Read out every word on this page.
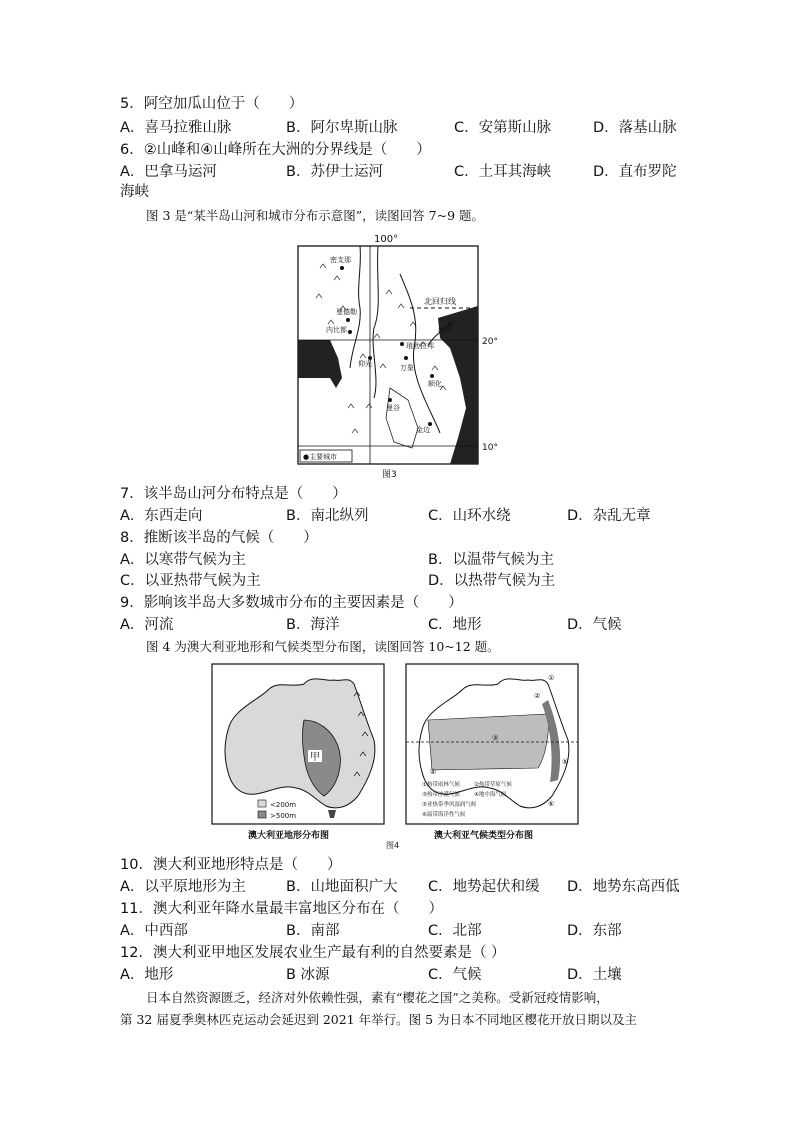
5．阿空加瓜山位于（　　）
A．喜马拉雅山脉	B．阿尔卑斯山脉	C．安第斯山脉	D．落基山脉
6．②山峰和④山峰所在大洲的分界线是（　　）
A．巴拿马运河	B．苏伊士运河	C．土耳其海峡	D．直布罗陀
海峡
图 3 是“某半岛山河和城市分布示意图”，读图回答 7~9 题。
100°
20°
10°
北回归线
密支那
曼德勒
内比都	河内
琅勃拉邦
万象
仰光
顺化
曼谷
金边
●主要城市
图3
7．该半岛山河分布特点是（　　）
A．东西走向	B．南北纵列	C．山环水绕	D．杂乱无章
8．推断该半岛的气候（　　）
A．以寒带气候为主	B．以温带气候为主
C．以亚热带气候为主	D．以热带气候为主
9．影响该半岛大多数城市分布的主要因素是（　　）
A．河流	B．海洋	C．地形	D．气候
图 4 为澳大利亚地形和气候类型分布图，读图回答 10~12 题。
甲
<200m
>500m
①
②
③
④
⑤
⑥
①热带雨林气候	②热带草原气候
③热带沙漠气候	④地中海气候
⑤亚热带季风湿润气候
⑥温带海洋性气候
澳大利亚地形分布图	澳大利亚气候类型分布图
图4
10．澳大利亚地形特点是（　　）
A．以平原地形为主	B．山地面积广大 C．地势起伏和缓 D．地势东高西低
11．澳大利亚年降水量最丰富地区分布在（　　）
A．中西部	B．南部	C．北部	D．东部
12．澳大利亚甲地区发展农业生产最有利的自然要素是（ ）
A．地形	B 冰源	C．气候	D．土壤
日本自然资源匮乏，经济对外依赖性强，素有“樱花之国”之美称。受新冠疫情影响，
第 32 届夏季奥林匹克运动会延迟到 2021 年举行。图 5 为日本不同地区樱花开放日期以及主
